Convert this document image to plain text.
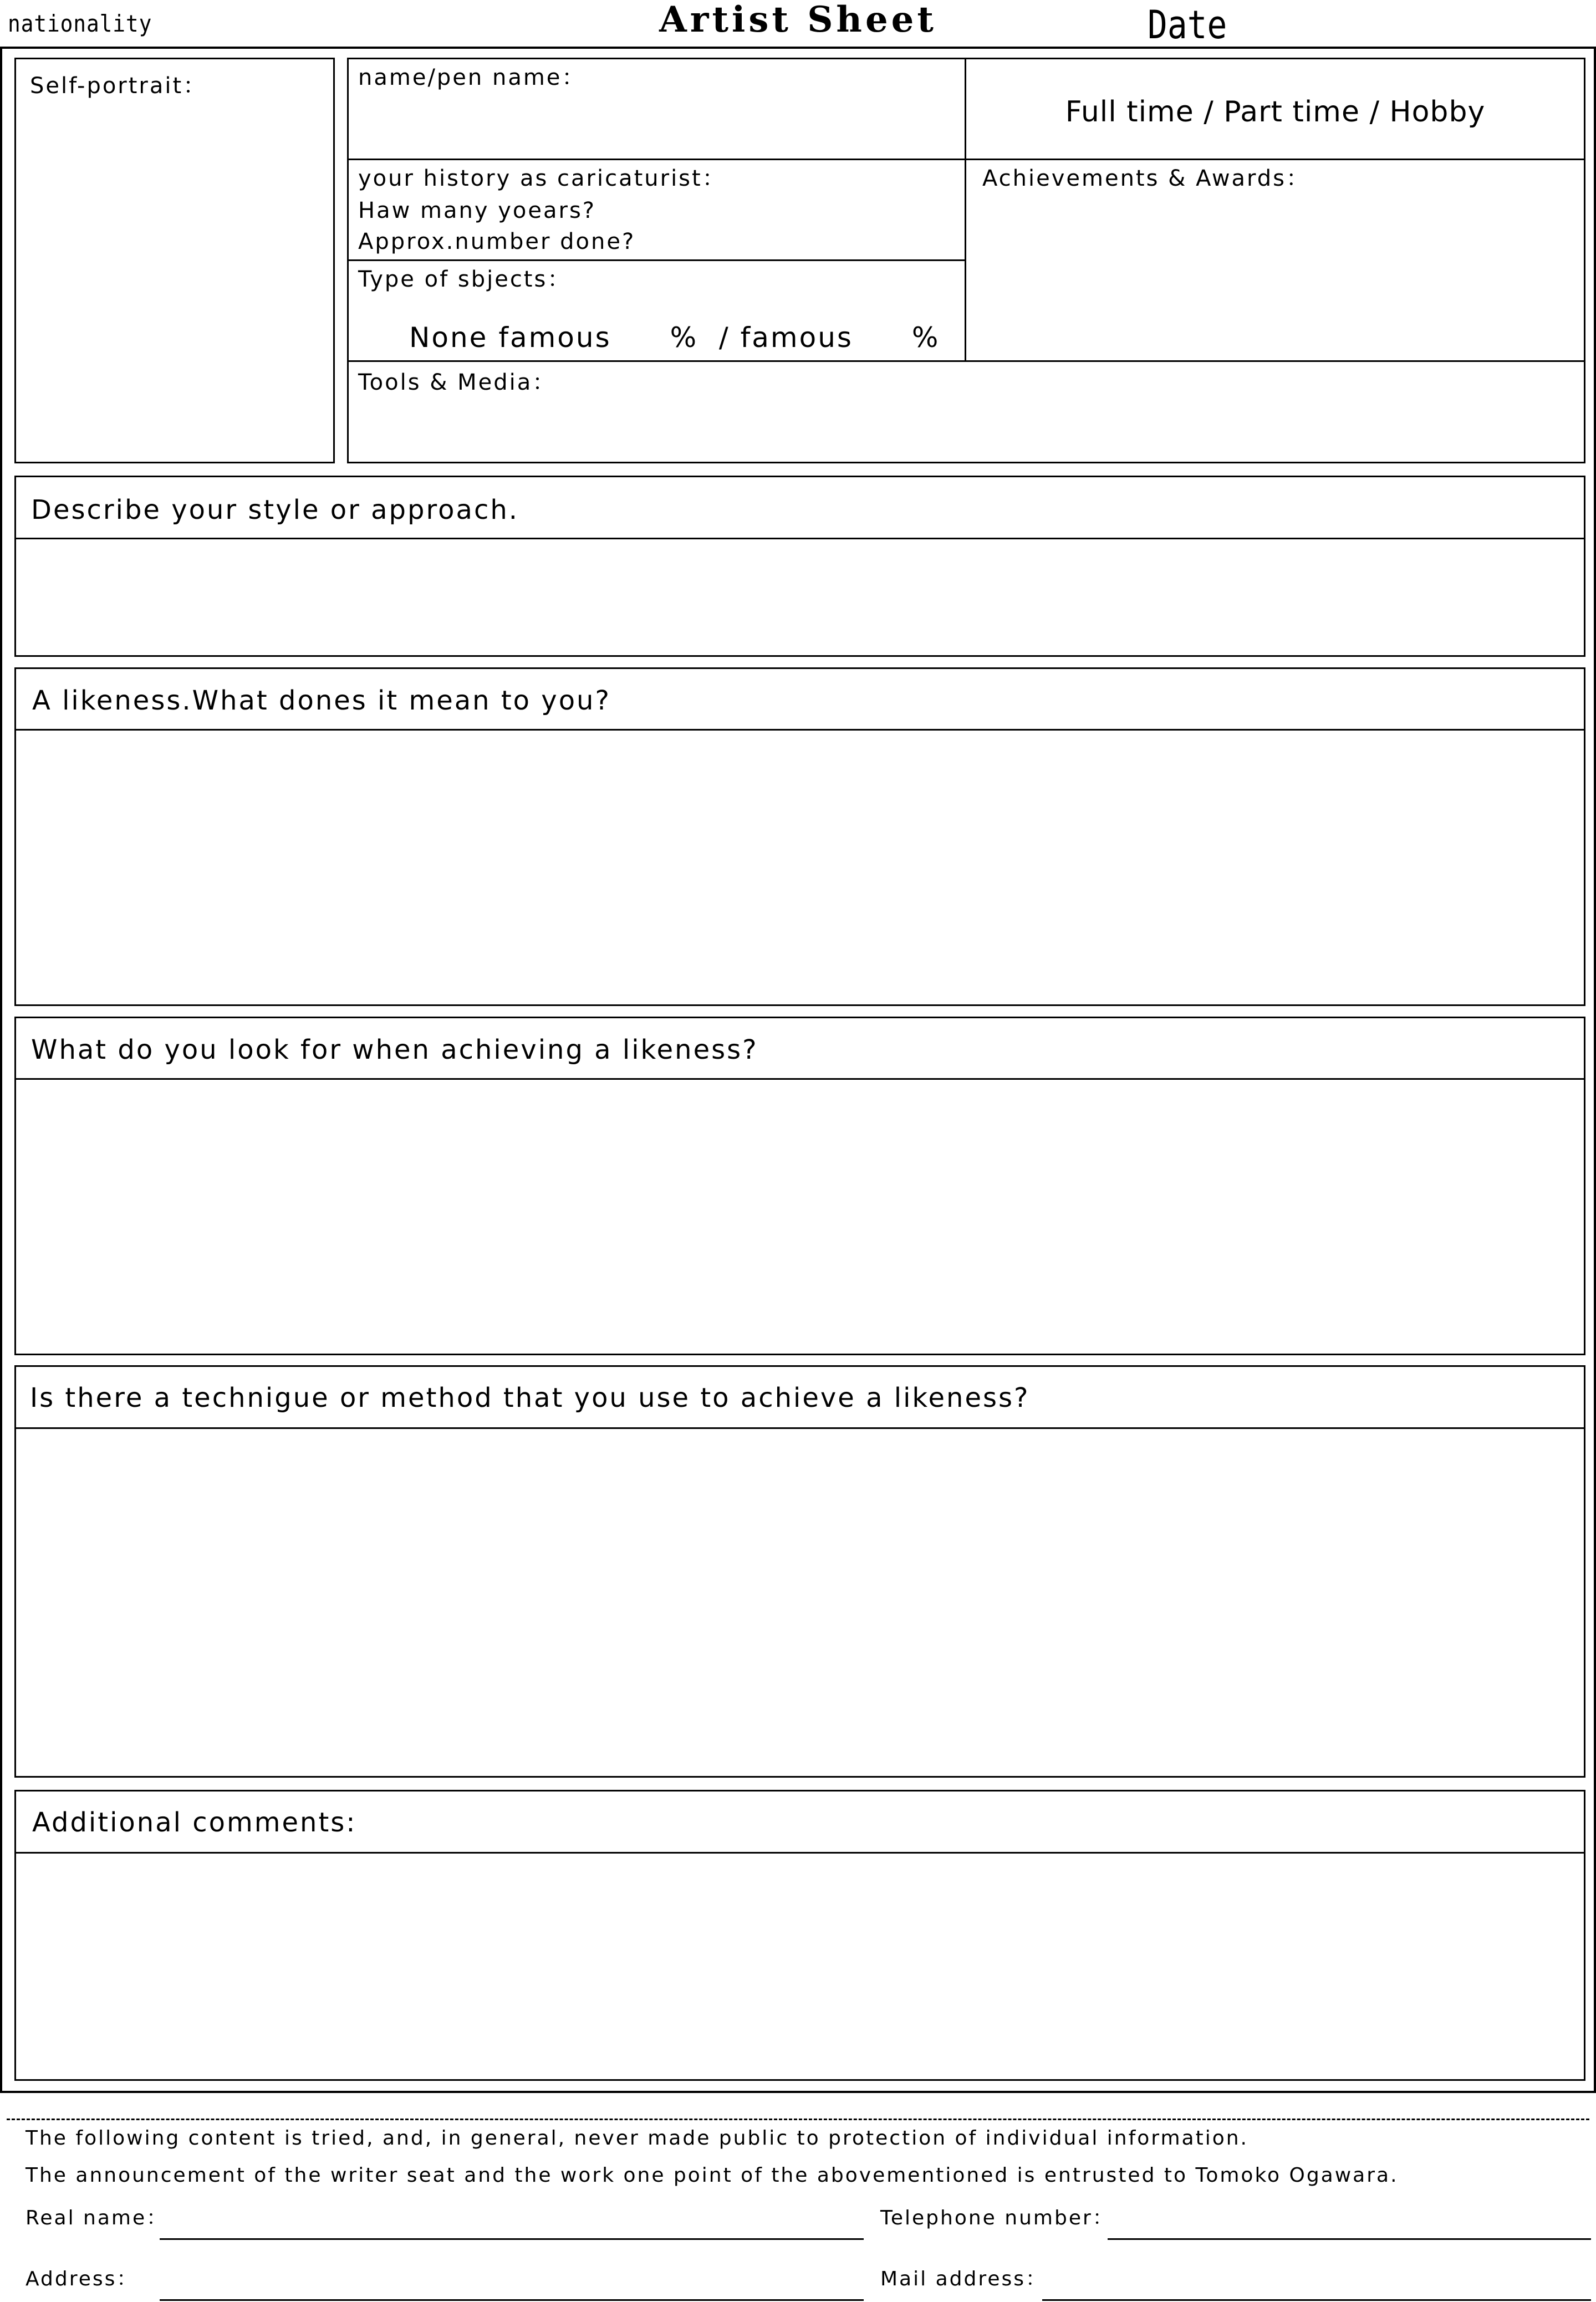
nationality	Artist Sheet	Date
Self-portrait：	name/pen name：
Full time / Part time / Hobby
your history as caricaturist：
Haw many yoears?
Approx.number done?
Achievements & Awards：
Type of sbjects：
None famous　　%  / famous　　%
Tools & Media：
Describe your style or approach.
A likeness.What dones it mean to you?
What do you look for when achieving a likeness?
Is there a technigue or method that you use to achieve a likeness?
Additional comments:
The following content is tried, and, in general, never made public to protection of individual information.
The announcement of the writer seat and the work one point of the abovementioned is entrusted to Tomoko Ogawara.
Real name：	Telephone number：
Address：	Mail address：
